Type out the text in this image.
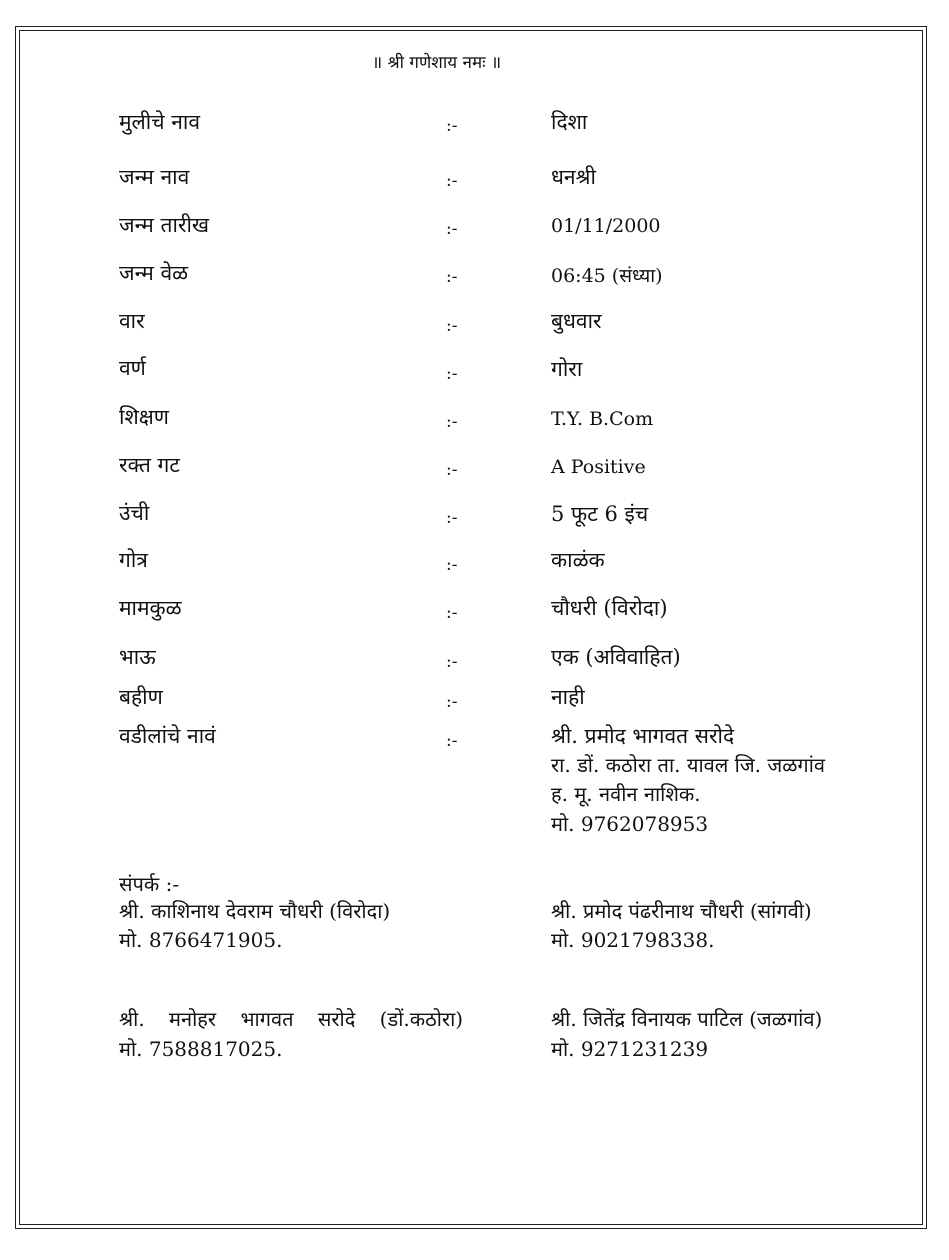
॥ श्री गणेशाय नमः ॥
मुलीचे नाव	:-	दिशा
जन्म नाव	:-	धनश्री
जन्म तारीख	:-	01/11/2000
जन्म वेळ	:-	06:45 (संध्या)
वार	:-	बुधवार
वर्ण	:-	गोरा
शिक्षण	:-	T.Y. B.Com
रक्त गट	:-	A Positive
उंची	:-	5 फूट 6 इंच
गोत्र	:-	काळंक
मामकुळ	:-	चौधरी (विरोदा)
भाऊ	:-	एक (अविवाहित)
बहीण	:-	नाही
वडीलांचे नावं	:-	श्री. प्रमोद भागवत सरोदे
रा. डों. कठोरा ता. यावल जि. जळगांव
ह. मू. नवीन नाशिक.
मो. 9762078953
संपर्क :-
श्री. काशिनाथ देवराम चौधरी (विरोदा)
मो. 8766471905.
श्री. प्रमोद पंढरीनाथ चौधरी (सांगवी)
मो. 9021798338.
श्री. मनोहर भागवत सरोदे (डों.कठोरा)
मो. 7588817025.
श्री. जितेंद्र विनायक पाटिल (जळगांव)
मो. 9271231239
